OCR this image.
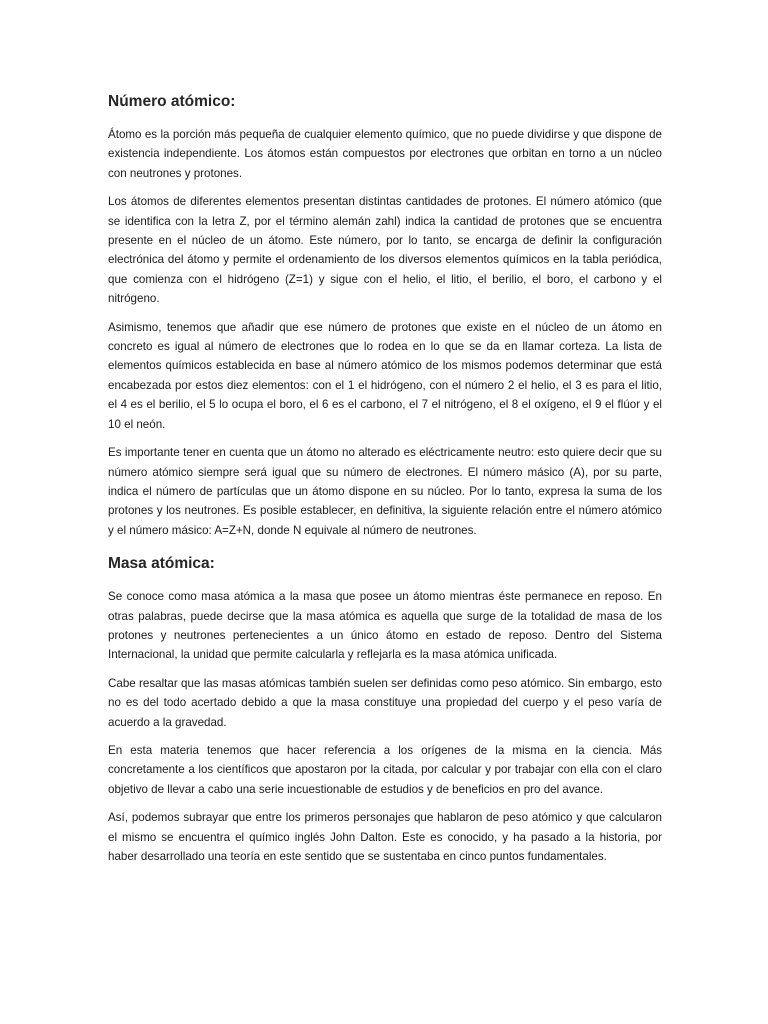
Número atómico:

Átomo es la porción más pequeña de cualquier elemento químico, que no puede dividirse y que dispone de existencia independiente. Los átomos están compuestos por electrones que orbitan en torno a un núcleo con neutrones y protones.

Los átomos de diferentes elementos presentan distintas cantidades de protones. El número atómico (que se identifica con la letra Z, por el término alemán zahl) indica la cantidad de protones que se encuentra presente en el núcleo de un átomo. Este número, por lo tanto, se encarga de definir la configuración electrónica del átomo y permite el ordenamiento de los diversos elementos químicos en la tabla periódica, que comienza con el hidrógeno (Z=1) y sigue con el helio, el litio, el berilio, el boro, el carbono y el nitrógeno.

Asimismo, tenemos que añadir que ese número de protones que existe en el núcleo de un átomo en concreto es igual al número de electrones que lo rodea en lo que se da en llamar corteza. La lista de elementos químicos establecida en base al número atómico de los mismos podemos determinar que está encabezada por estos diez elementos: con el 1 el hidrógeno, con el número 2 el helio, el 3 es para el litio, el 4 es el berilio, el 5 lo ocupa el boro, el 6 es el carbono, el 7 el nitrógeno, el 8 el oxígeno, el 9 el flúor y el 10 el neón.

Es importante tener en cuenta que un átomo no alterado es eléctricamente neutro: esto quiere decir que su número atómico siempre será igual que su número de electrones. El número másico (A), por su parte, indica el número de partículas que un átomo dispone en su núcleo. Por lo tanto, expresa la suma de los protones y los neutrones. Es posible establecer, en definitiva, la siguiente relación entre el número atómico y el número másico: A=Z+N, donde N equivale al número de neutrones.

Masa atómica:

Se conoce como masa atómica a la masa que posee un átomo mientras éste permanece en reposo. En otras palabras, puede decirse que la masa atómica es aquella que surge de la totalidad de masa de los protones y neutrones pertenecientes a un único átomo en estado de reposo. Dentro del Sistema Internacional, la unidad que permite calcularla y reflejarla es la masa atómica unificada.

Cabe resaltar que las masas atómicas también suelen ser definidas como peso atómico. Sin embargo, esto no es del todo acertado debido a que la masa constituye una propiedad del cuerpo y el peso varía de acuerdo a la gravedad.

En esta materia tenemos que hacer referencia a los orígenes de la misma en la ciencia. Más concretamente a los científicos que apostaron por la citada, por calcular y por trabajar con ella con el claro objetivo de llevar a cabo una serie incuestionable de estudios y de beneficios en pro del avance.

Así, podemos subrayar que entre los primeros personajes que hablaron de peso atómico y que calcularon el mismo se encuentra el químico inglés John Dalton. Este es conocido, y ha pasado a la historia, por haber desarrollado una teoría en este sentido que se sustentaba en cinco puntos fundamentales.
